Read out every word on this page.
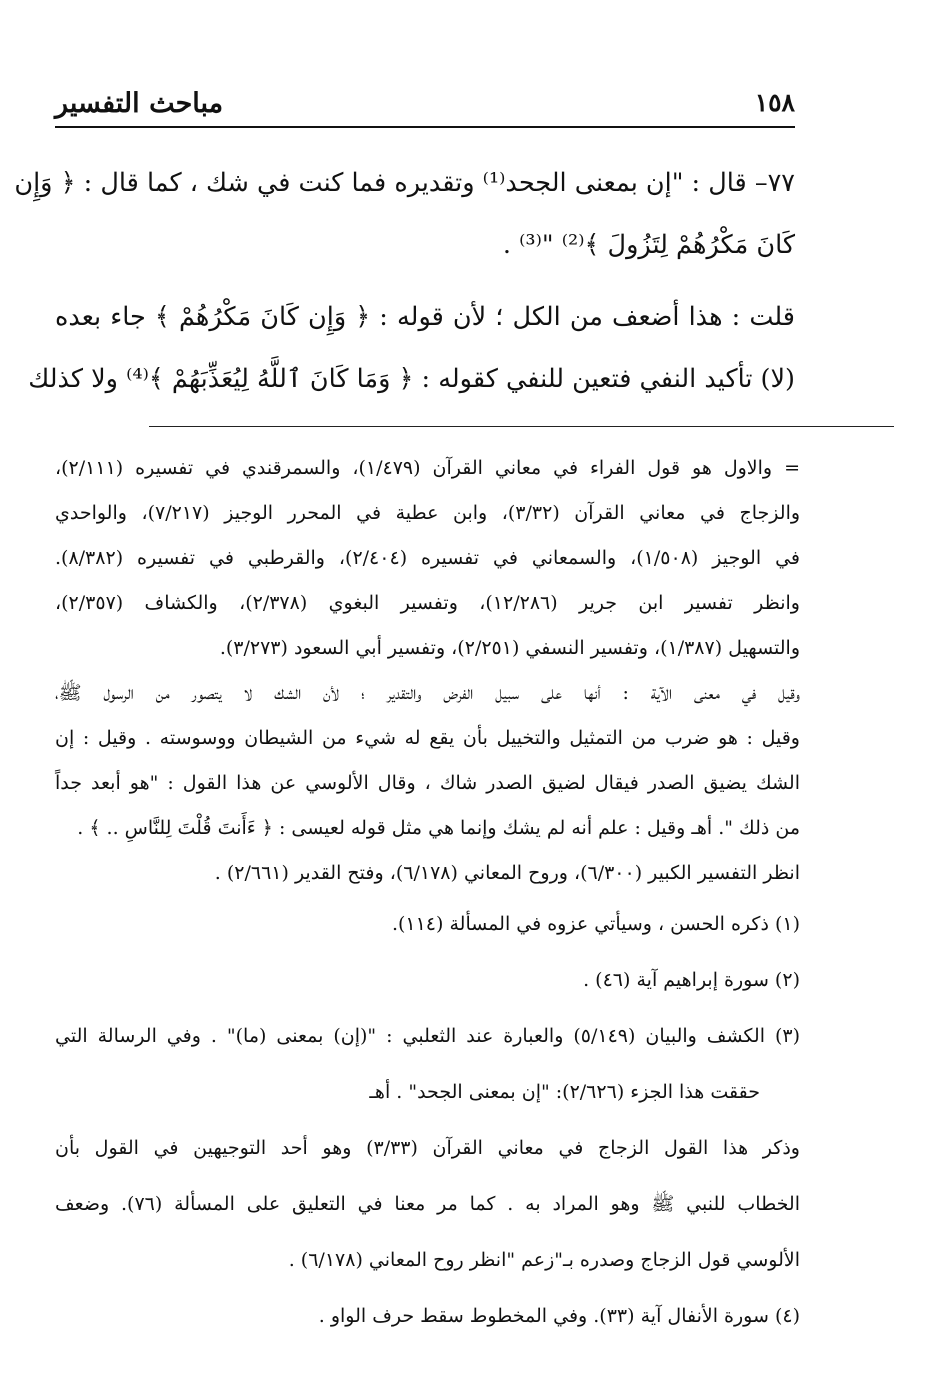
١٥٨
مباحث التفسير
٧٧– قال : "إن بمعنى الجحد⁽¹⁾ وتقديره فما كنت في شك ، كما قال : ﴿ وَإِن
كَانَ مَكْرُهُمْ لِتَزُولَ ﴾⁽²⁾ "⁽³⁾ .
قلت : هذا أضعف من الكل ؛ لأن قوله : ﴿ وَإِن كَانَ مَكْرُهُمْ ﴾ جاء بعده
(لا) تأكيد النفي فتعين للنفي كقوله : ﴿ وَمَا كَانَ ٱللَّهُ لِيُعَذِّبَهُمْ ﴾⁽⁴⁾ ولا كذلك
= والاول هو قول الفراء في معاني القرآن (١/٤٧٩)، والسمرقندي في تفسيره (٢/١١١)،
والزجاج في معاني القرآن (٣/٣٢)، وابن عطية في المحرر الوجيز (٧/٢١٧)، والواحدي
في الوجيز (١/٥٠٨)، والسمعاني في تفسيره (٢/٤٠٤)، والقرطبي في تفسيره (٨/٣٨٢).
وانظر تفسير ابن جرير (١٢/٢٨٦)، وتفسير البغوي (٢/٣٧٨)، والكشاف (٢/٣٥٧)،
والتسهيل (١/٣٨٧)، وتفسير النسفي (٢/٢٥١)، وتفسير أبي السعود (٣/٢٧٣).
وقيل في معنى الآية : أنها على سبيل الفرض والتقدير ؛ لأن الشك لا يتصور من الرسول ﷺ،
وقيل : هو ضرب من التمثيل والتخييل بأن يقع له شيء من الشيطان ووسوسته . وقيل : إن
الشك يضيق الصدر فيقال لضيق الصدر شاك ، وقال الألوسي عن هذا القول : "هو أبعد جداً
من ذلك ". أهـ وقيل : علم أنه لم يشك وإنما هي مثل قوله لعيسى : ﴿ ءَأَنتَ قُلْتَ لِلنَّاسِ .. ﴾ .
انظر التفسير الكبير (٦/٣٠٠)، وروح المعاني (٦/١٧٨)، وفتح القدير (٢/٦٦١) .
(١) ذكره الحسن ، وسيأتي عزوه في المسألة (١١٤).
(٢) سورة إبراهيم آية (٤٦) .
(٣) الكشف والبيان (٥/١٤٩) والعبارة عند الثعلبي : "(إن) بمعنى (ما)" . وفي الرسالة التي
حققت هذا الجزء (٢/٦٢٦): "إن بمعنى الجحد" . أهـ
وذكر هذا القول الزجاج في معاني القرآن (٣/٣٣) وهو أحد التوجيهين في القول بأن
الخطاب للنبي ﷺ وهو المراد به . كما مر معنا في التعليق على المسألة (٧٦). وضعف
الألوسي قول الزجاج وصدره بـ"زعم "انظر روح المعاني (٦/١٧٨) .
(٤) سورة الأنفال آية (٣٣). وفي المخطوط سقط حرف الواو .
